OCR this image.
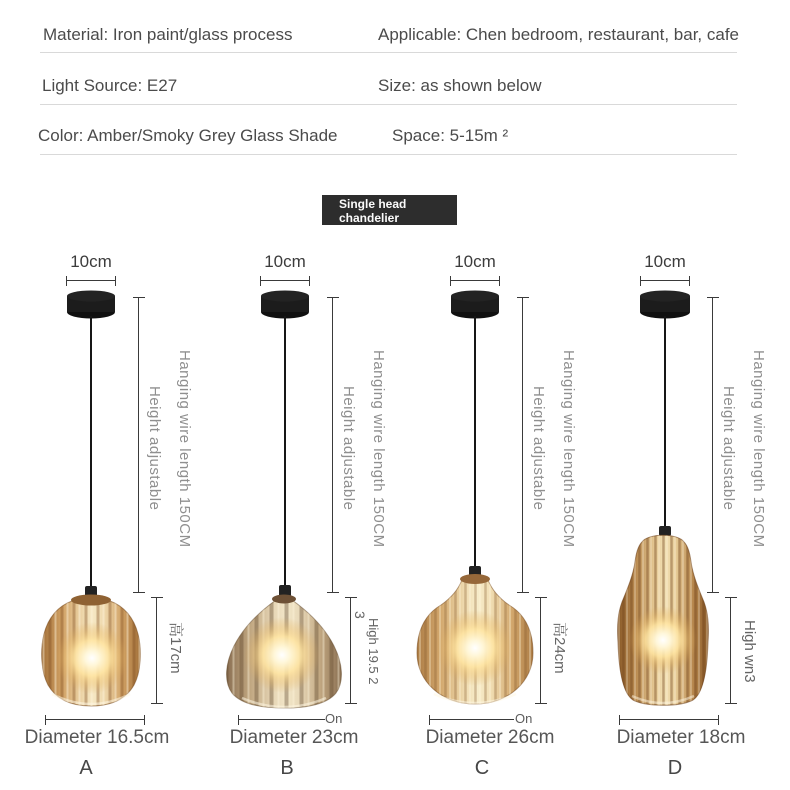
Material: Iron paint/glass process	Applicable: Chen bedroom, restaurant, bar, cafe
Light Source: E27	Size: as shown below
Color: Amber/Smoky Grey Glass Shade	Space: 5-15m ²
Single head
chandelier
10cm
Hanging wire length 150CM
Height adjustable
高17cm
Diameter 16.5cm
A
10cm
Hanging wire length 150CM
Height adjustable
High 19.5 2
3
On
Diameter 23cm
B
10cm
Hanging wire length 150CM
Height adjustable
高24cm
On
Diameter 26cm
C
10cm
Hanging wire length 150CM
Height adjustable
High wn3
Diameter 18cm
D
